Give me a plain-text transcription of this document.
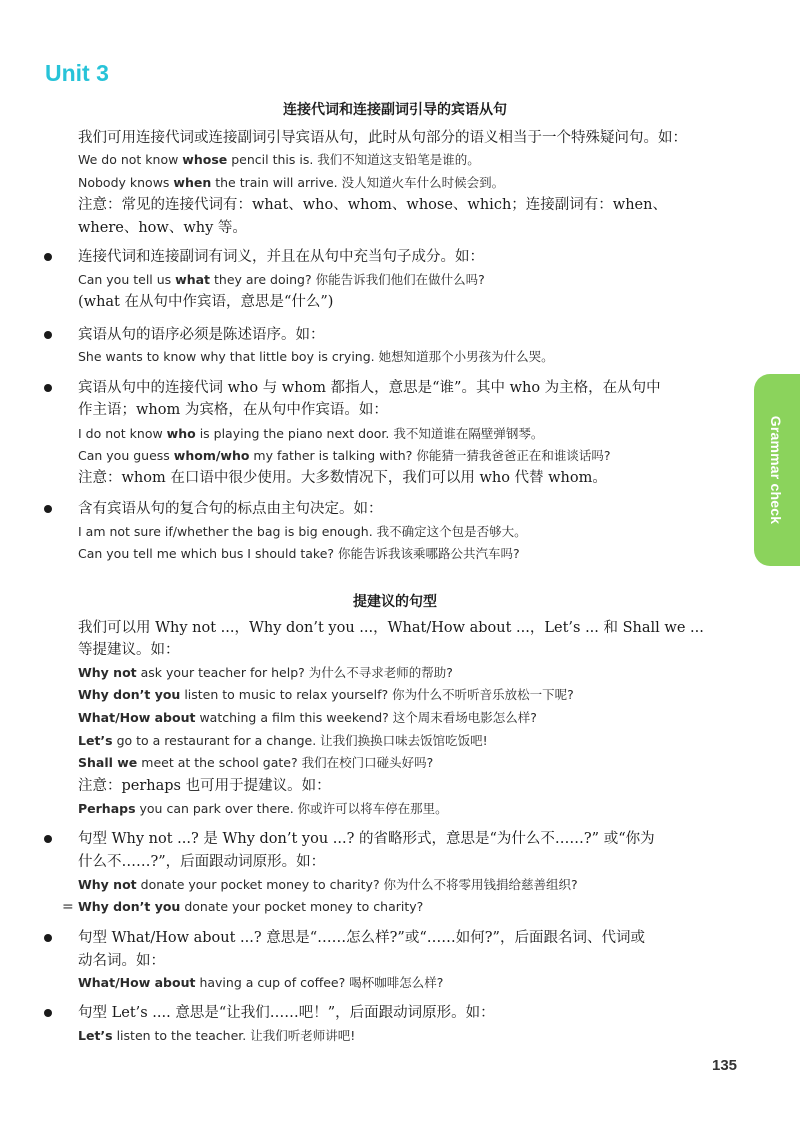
Unit 3
连接代词和连接副词引导的宾语从句

我们可用连接代词或连接副词引导宾语从句，此时从句部分的语义相当于一个特殊疑问句。如：

We do not know whose pencil this is. 我们不知道这支铅笔是谁的。

Nobody knows when the train will arrive. 没人知道火车什么时候会到。

注意：常见的连接代词有：what、who、whom、whose、which；连接副词有：when、

where、how、why 等。

连接代词和连接副词有词义，并且在从句中充当句子成分。如：

Can you tell us what they are doing? 你能告诉我们他们在做什么吗?

(what 在从句中作宾语，意思是“什么”)

宾语从句的语序必须是陈述语序。如：

She wants to know why that little boy is crying. 她想知道那个小男孩为什么哭。

宾语从句中的连接代词 who 与 whom 都指人，意思是“谁”。其中 who 为主格，在从句中

作主语；whom 为宾格，在从句中作宾语。如：

I do not know who is playing the piano next door. 我不知道谁在隔壁弹钢琴。

Can you guess whom/who my father is talking with? 你能猜一猜我爸爸正在和谁谈话吗?

注意：whom 在口语中很少使用。大多数情况下，我们可以用 who 代替 whom。

含有宾语从句的复合句的标点由主句决定。如：

I am not sure if/whether the bag is big enough. 我不确定这个包是否够大。

Can you tell me which bus I should take? 你能告诉我该乘哪路公共汽车吗?

Grammar check
提建议的句型

我们可以用 Why not ...，Why don’t you ...，What/How about ...，Let’s ... 和 Shall we ...

等提建议。如：

Why not ask your teacher for help? 为什么不寻求老师的帮助?

Why don’t you listen to music to relax yourself? 你为什么不听听音乐放松一下呢?

What/How about watching a film this weekend? 这个周末看场电影怎么样?

Let’s go to a restaurant for a change. 让我们换换口味去饭馆吃饭吧!

Shall we meet at the school gate? 我们在校门口碰头好吗?

注意：perhaps 也可用于提建议。如：

Perhaps you can park over there. 你或许可以将车停在那里。

句型 Why not ...? 是 Why don’t you ...? 的省略形式，意思是“为什么不……?” 或“你为

什么不……?”，后面跟动词原形。如：

Why not donate your pocket money to charity? 你为什么不将零用钱捐给慈善组织?

= Why don’t you donate your pocket money to charity?

句型 What/How about ...? 意思是“……怎么样?”或“……如何?”，后面跟名词、代词或

动名词。如：

What/How about having a cup of coffee? 喝杯咖啡怎么样?

句型 Let’s .... 意思是“让我们……吧！”，后面跟动词原形。如：

Let’s listen to the teacher. 让我们听老师讲吧!

135
